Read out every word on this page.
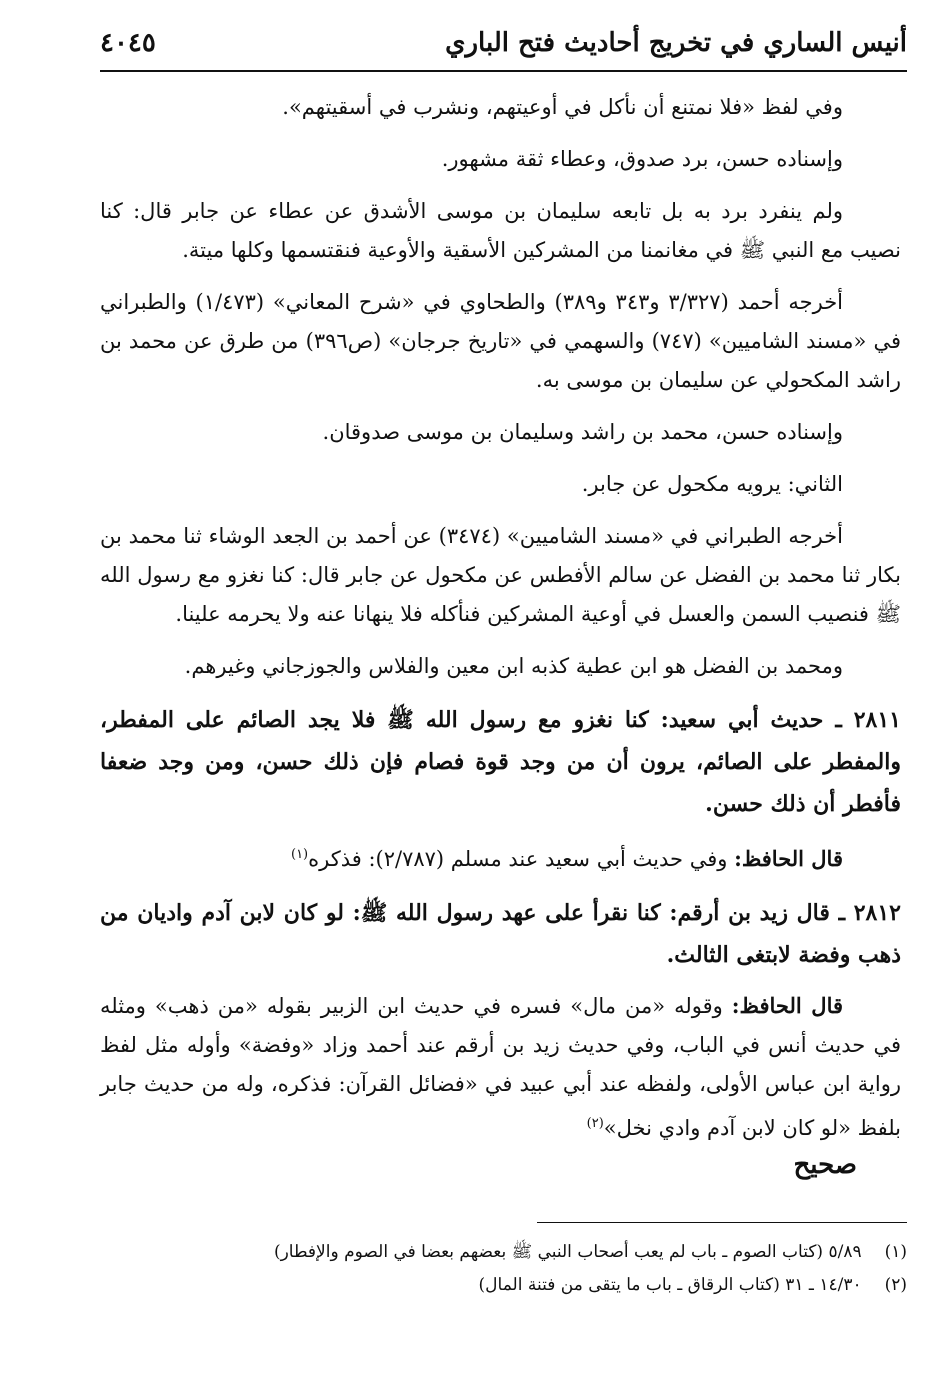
أنيس الساري في تخريج أحاديث فتح الباري
٤٠٤٥

وفي لفظ «فلا نمتنع أن نأكل في أوعيتهم، ونشرب في أسقيتهم».

وإسناده حسن، برد صدوق، وعطاء ثقة مشهور.

ولم ينفرد برد به بل تابعه سليمان بن موسى الأشدق عن عطاء عن جابر قال: كنا نصيب مع النبي ﷺ في مغانمنا من المشركين الأسقية والأوعية فنقتسمها وكلها ميتة.

أخرجه أحمد (٣/٣٢٧ و٣٤٣ و٣٨٩) والطحاوي في «شرح المعاني» (١/٤٧٣) والطبراني في «مسند الشاميين» (٧٤٧) والسهمي في «تاريخ جرجان» (ص٣٩٦) من طرق عن محمد بن راشد المكحولي عن سليمان بن موسى به.

وإسناده حسن، محمد بن راشد وسليمان بن موسى صدوقان.

الثاني: يرويه مكحول عن جابر.

أخرجه الطبراني في «مسند الشاميين» (٣٤٧٤) عن أحمد بن الجعد الوشاء ثنا محمد بن بكار ثنا محمد بن الفضل عن سالم الأفطس عن مكحول عن جابر قال: كنا نغزو مع رسول الله ﷺ فنصيب السمن والعسل في أوعية المشركين فنأكله فلا ينهانا عنه ولا يحرمه علينا.

ومحمد بن الفضل هو ابن عطية كذبه ابن معين والفلاس والجوزجاني وغيرهم.

٢٨١١ ـ حديث أبي سعيد: كنا نغزو مع رسول الله ﷺ فلا يجد الصائم على المفطر، والمفطر على الصائم، يرون أن من وجد قوة فصام فإن ذلك حسن، ومن وجد ضعفا فأفطر أن ذلك حسن.

قال الحافظ: وفي حديث أبي سعيد عند مسلم (٢/٧٨٧): فذكره$^{(١)}$

٢٨١٢ ـ قال زيد بن أرقم: كنا نقرأ على عهد رسول الله ﷺ: لو كان لابن آدم واديان من ذهب وفضة لابتغى الثالث.

قال الحافظ: وقوله «من مال» فسره في حديث ابن الزبير بقوله «من ذهب» ومثله في حديث أنس في الباب، وفي حديث زيد بن أرقم عند أحمد وزاد «وفضة» وأوله مثل لفظ رواية ابن عباس الأولى، ولفظه عند أبي عبيد في «فضائل القرآن: فذكره، وله من حديث جابر بلفظ «لو كان لابن آدم وادي نخل»$^{(٢)}$

صحيح
(١) ٥/٨٩ (كتاب الصوم ـ باب لم يعب أصحاب النبي ﷺ بعضهم بعضا في الصوم والإفطار)
(٢) ١٤/٣٠ ـ ٣١ (كتاب الرقاق ـ باب ما يتقى من فتنة المال)
